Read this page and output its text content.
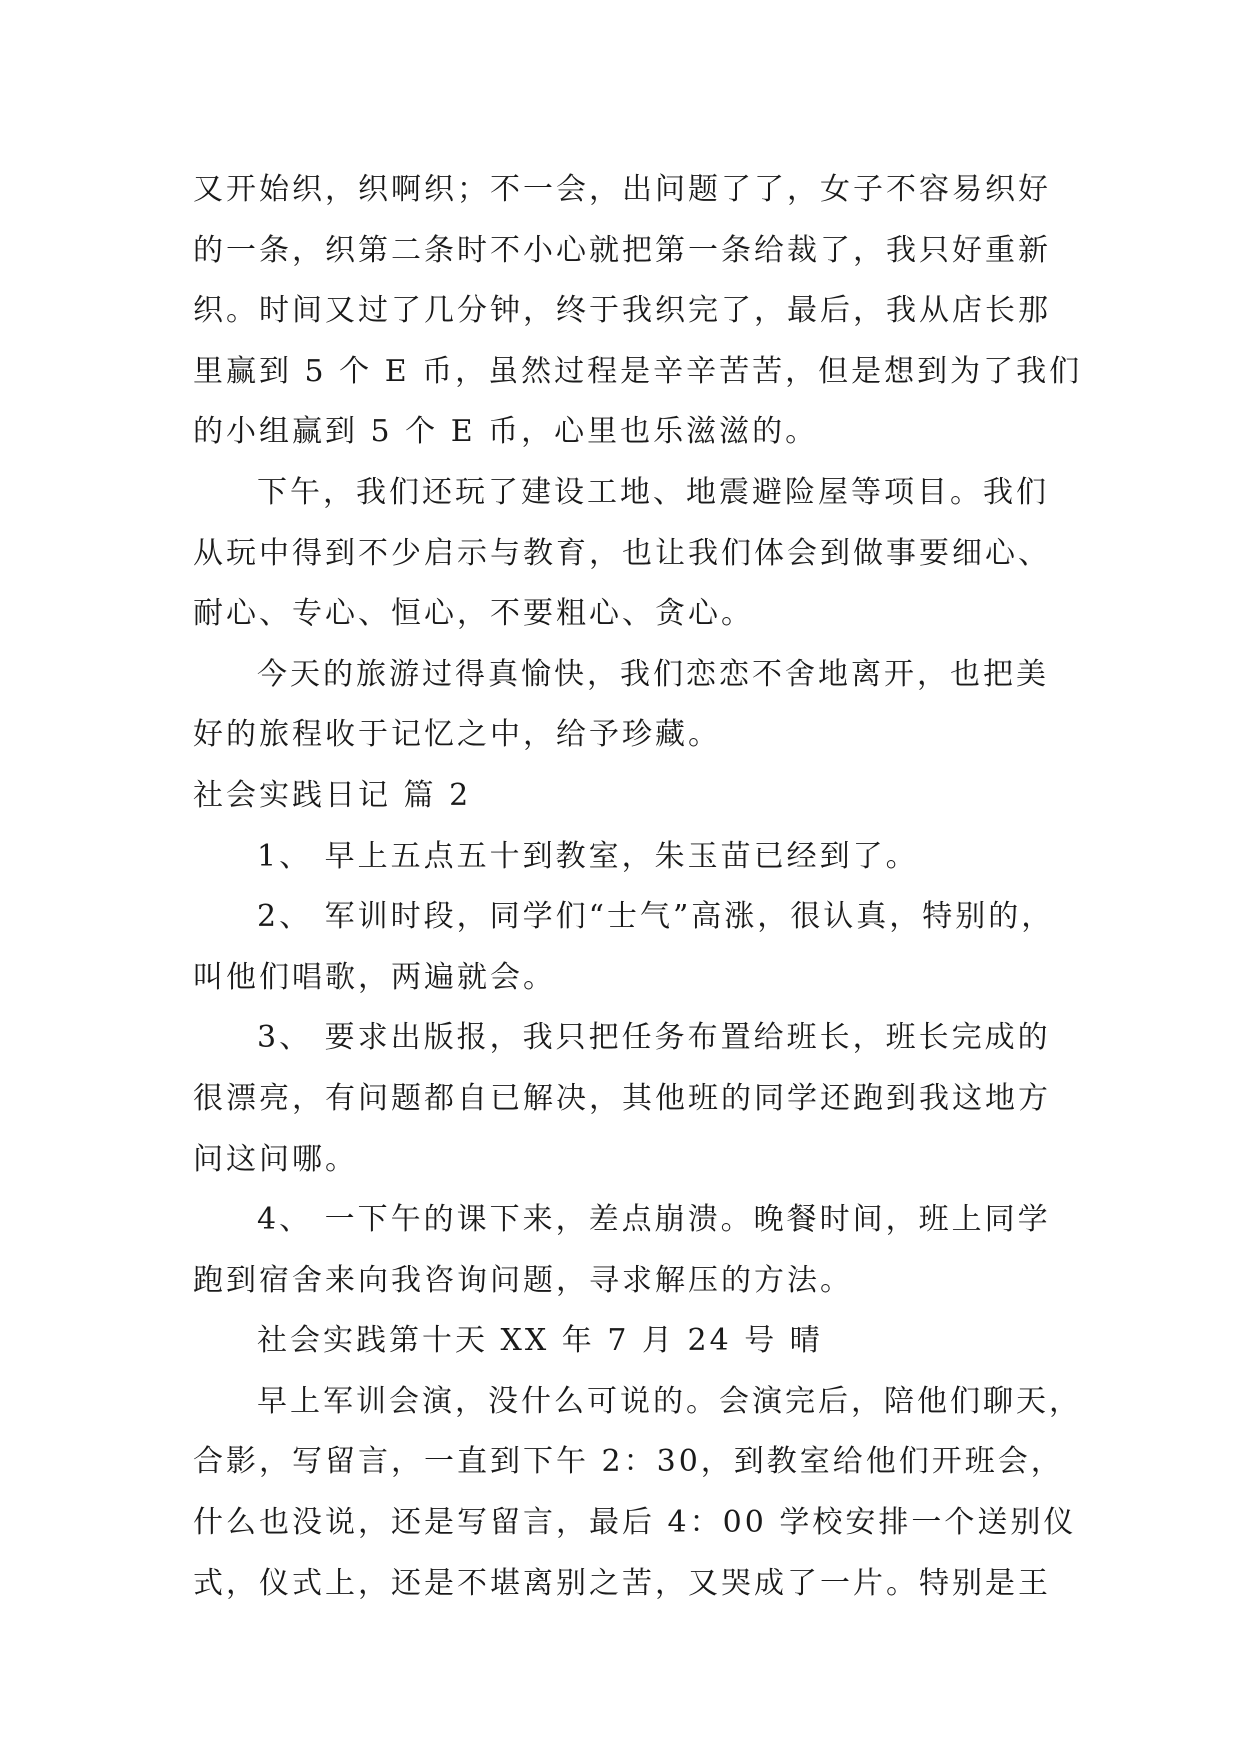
又开始织，织啊织；不一会，出问题了了，女子不容易织好

的一条，织第二条时不小心就把第一条给裁了，我只好重新

织。时间又过了几分钟，终于我织完了，最后，我从店长那

里赢到 5 个 E 币，虽然过程是辛辛苦苦，但是想到为了我们

的小组赢到 5 个 E 币，心里也乐滋滋的。

下午，我们还玩了建设工地、地震避险屋等项目。我们

从玩中得到不少启示与教育，也让我们体会到做事要细心、

耐心、专心、恒心，不要粗心、贪心。

今天的旅游过得真愉快，我们恋恋不舍地离开，也把美

好的旅程收于记忆之中，给予珍藏。

社会实践日记 篇 2

1、 早上五点五十到教室，朱玉苗已经到了。

2、 军训时段，同学们“士气”高涨，很认真，特别的，

叫他们唱歌，两遍就会。

3、 要求出版报，我只把任务布置给班长，班长完成的

很漂亮，有问题都自已解决，其他班的同学还跑到我这地方

问这问哪。

4、 一下午的课下来，差点崩溃。晚餐时间，班上同学

跑到宿舍来向我咨询问题，寻求解压的方法。

社会实践第十天 XX 年 7 月 24 号 晴

早上军训会演，没什么可说的。会演完后，陪他们聊天，

合影，写留言，一直到下午 2：30，到教室给他们开班会，

什么也没说，还是写留言，最后 4：00 学校安排一个送别仪

式，仪式上，还是不堪离别之苦，又哭成了一片。特别是王
